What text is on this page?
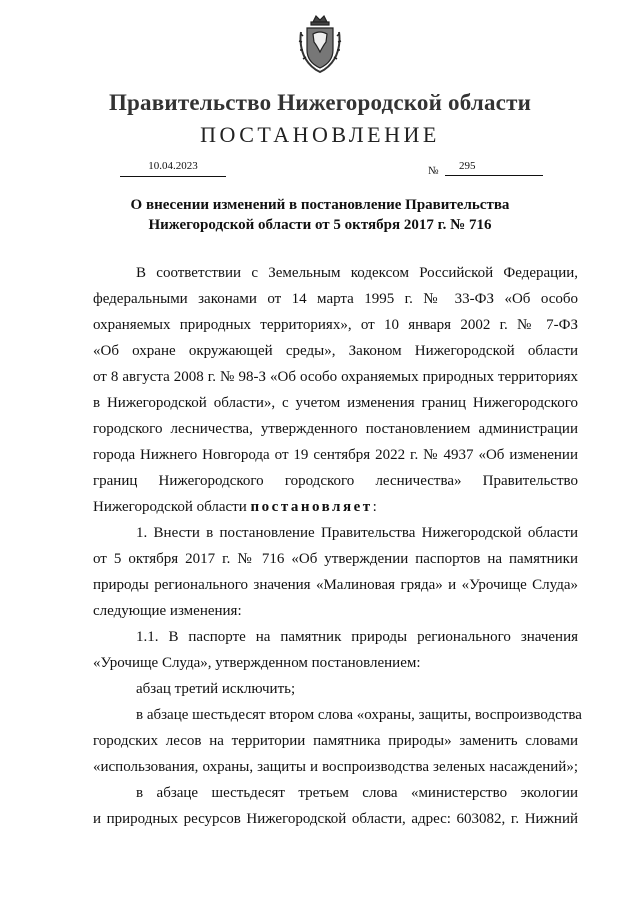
Правительство Нижегородской области
ПОСТАНОВЛЕНИЕ
10.04.2023	№	295
О внесении изменений в постановление Правительства
Нижегородской области от 5 октября 2017 г. № 716
В соответствии с Земельным кодексом Российской Федерации,
федеральными законами от 14 марта 1995 г. № 33-ФЗ «Об особо
охраняемых природных территориях», от 10 января 2002 г. № 7-ФЗ
«Об охране окружающей среды», Законом Нижегородской области
от 8 августа 2008 г. № 98-З «Об особо охраняемых природных территориях
в Нижегородской области», с учетом изменения границ Нижегородского
городского лесничества, утвержденного постановлением администрации
города Нижнего Новгорода от 19 сентября 2022 г. № 4937 «Об изменении
границ Нижегородского городского лесничества» Правительство
Нижегородской области постановляет:
1. Внести в постановление Правительства Нижегородской области
от 5 октября 2017 г. № 716 «Об утверждении паспортов на памятники
природы регионального значения «Малиновая гряда» и «Урочище Слуда»
следующие изменения:
1.1. В паспорте на памятник природы регионального значения
«Урочище Слуда», утвержденном постановлением:
абзац третий исключить;
в абзаце шестьдесят втором слова «охраны, защиты, воспроизводства
городских лесов на территории памятника природы» заменить словами
«использования, охраны, защиты и воспроизводства зеленых насаждений»;
в абзаце шестьдесят третьем слова «министерство экологии
и природных ресурсов Нижегородской области, адрес: 603082, г. Нижний
